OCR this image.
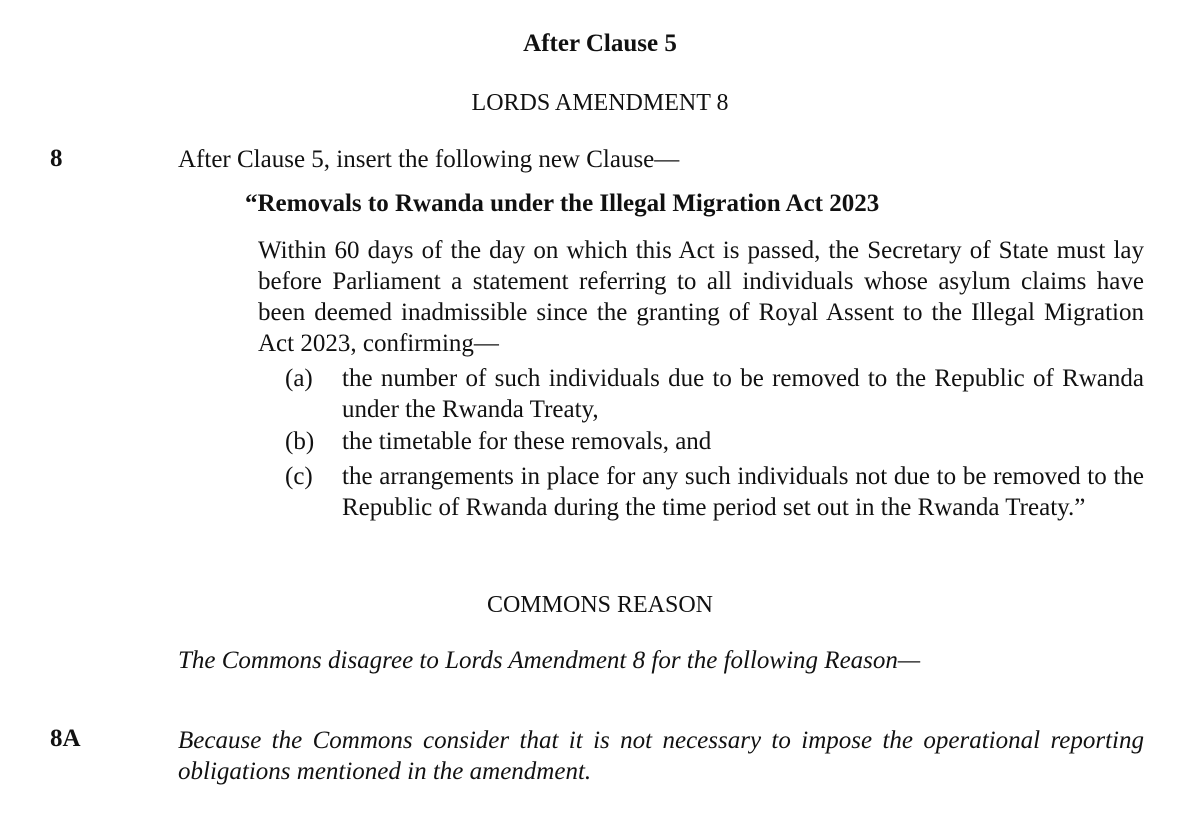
After Clause 5
LORDS AMENDMENT 8
8	After Clause 5, insert the following new Clause—
“Removals to Rwanda under the Illegal Migration Act 2023
Within 60 days of the day on which this Act is passed, the Secretary of State must lay before Parliament a statement referring to all individuals whose asylum claims have been deemed inadmissible since the granting of Royal Assent to the Illegal Migration Act 2023, confirming—
(a) the number of such individuals due to be removed to the Republic of Rwanda under the Rwanda Treaty,
(b) the timetable for these removals, and
(c) the arrangements in place for any such individuals not due to be removed to the Republic of Rwanda during the time period set out in the Rwanda Treaty.”
COMMONS REASON
The Commons disagree to Lords Amendment 8 for the following Reason—
8A	Because the Commons consider that it is not necessary to impose the operational reporting obligations mentioned in the amendment.
